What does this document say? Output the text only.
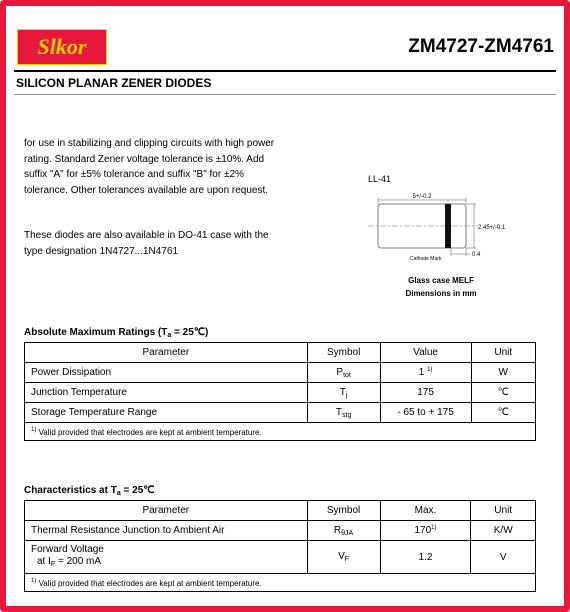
Slkor	ZM4727-ZM4761
SILICON PLANAR ZENER DIODES
for use in stabilizing and clipping circuits with high power rating. Standard Zener voltage tolerance is ±10%. Add suffix "A" for ±5% tolerance and suffix "B" for ±2% tolerance. Other tolerances available are upon request.
These diodes are also available in DO-41 case with the type designation 1N4727...1N4761
LL-41
5+/-0.2
2.45+/-0.1
0.4
Cathode Mark
Glass case MELF
Dimensions in mm
Absolute Maximum Ratings ($T_a$ = 25℃)
Parameter	Symbol	Value	Unit
Power Dissipation	$P_{tot}$	1 $^{1)}$	W
Junction Temperature	$T_j$	175	℃
Storage Temperature Range	$T_{stg}$	- 65 to + 175	℃
$^{1)}$ Valid provided that electrodes are kept at ambient temperature.			
Characteristics at $T_a$ = 25℃
Parameter	Symbol	Max.	Unit
Thermal Resistance Junction to Ambient Air	$R_{\theta JA}$	170$^{1)}$	K/W

Forward Voltage
at $I_F = 200$ mA	$V_F$	1.2	V
$^{1)}$ Valid provided that electrodes are kept at ambient temperature.			
